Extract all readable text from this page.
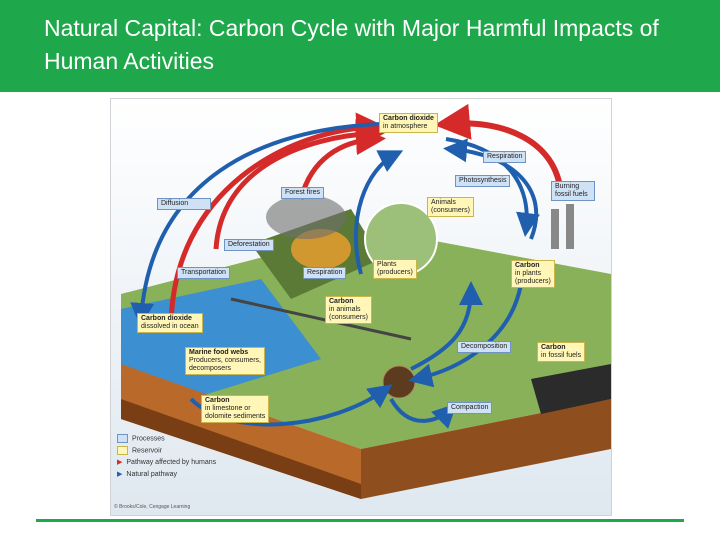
Natural Capital: Carbon Cycle with Major Harmful Impacts of Human Activities
Respiration
Photosynthesis
Burning fossil fuels
Forest fires
Diffusion
Deforestation
Transportation	Respiration
Decomposition
Compaction
Carbon dioxide
in atmosphere
Animals
(consumers)
Plants
(producers)
Carbon
in plants
(producers)
Carbon
in animals
(consumers)
Carbon dioxide
dissolved in ocean
Marine food webs
Producers, consumers,
decomposers
Carbon
in limestone or
dolomite sediments
Carbon
in fossil fuels
Processes
Reservoir
▶ Pathway affected by humans
▶ Natural pathway
© Brooks/Cole, Cengage Learning
